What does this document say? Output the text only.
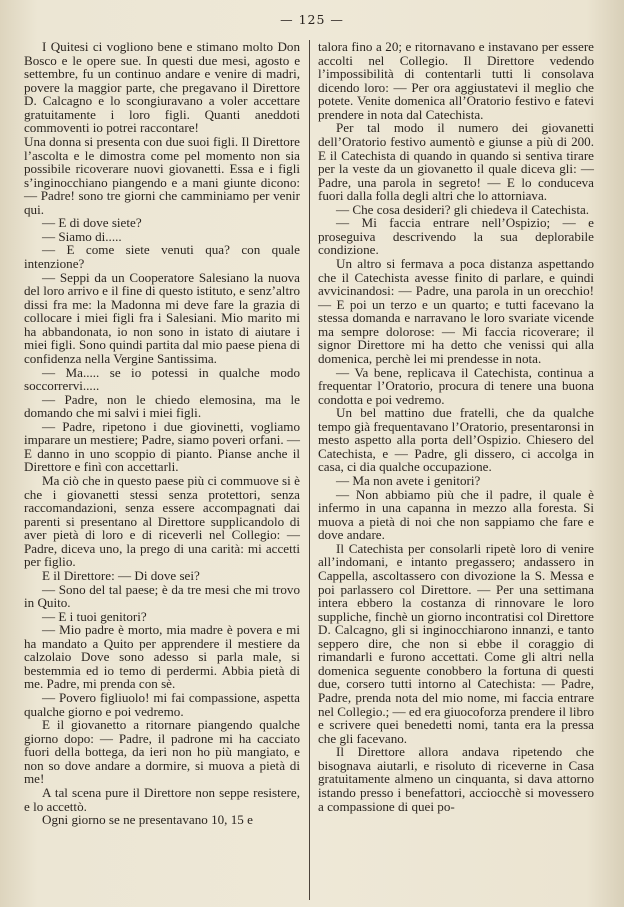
— 125 —

I Quitesi ci vogliono bene e stimano molto Don Bosco e le opere sue. In questi due mesi, agosto e settembre, fu un continuo andare e venire di madri, povere la maggior parte, che pregavano il Direttore D. Calcagno e lo scongiuravano a voler accettare gratuitamente i loro figli. Quanti aneddoti commoventi io potrei raccontare!

Una donna si presenta con due suoi figli. Il Direttore l’ascolta e le dimostra come pel momento non sia possibile ricoverare nuovi giovanetti. Essa e i figli s’inginocchiano piangendo e a mani giunte dicono: — Padre! sono tre giorni che camminiamo per venir qui.

— E di dove siete?

— Siamo di.....

— E come siete venuti qua? con quale intenzione?

— Seppi da un Cooperatore Salesiano la nuova del loro arrivo e il fine di questo istituto, e senz’altro dissi fra me: la Madonna mi deve fare la grazia di collocare i miei figli fra i Salesiani. Mio marito mi ha abbandonata, io non sono in istato di aiutare i miei figli. Sono quindi partita dal mio paese piena di confidenza nella Vergine Santissima.

— Ma..... se io potessi in qualche modo soccorrervi.....

— Padre, non le chiedo elemosina, ma le domando che mi salvi i miei figli.

— Padre, ripetono i due giovinetti, vogliamo imparare un mestiere; Padre, siamo poveri orfani. — E danno in uno scoppio di pianto. Pianse anche il Direttore e finì con accettarli.

Ma ciò che in questo paese più ci commuove si è che i giovanetti stessi senza protettori, senza raccomandazioni, senza essere accompagnati dai parenti si presentano al Direttore supplicandolo di aver pietà di loro e di riceverli nel Collegio: — Padre, diceva uno, la prego di una carità: mi accetti per figlio.

E il Direttore: — Di dove sei?

— Sono del tal paese; è da tre mesi che mi trovo in Quito.

— E i tuoi genitori?

— Mio padre è morto, mia madre è povera e mi ha mandato a Quito per apprendere il mestiere da calzolaio Dove sono adesso si parla male, si bestemmia ed io temo di perdermi. Abbia pietà di me. Padre, mi prenda con sè.

— Povero figliuolo! mi fai compassione, aspetta qualche giorno e poi vedremo.

E il giovanetto a ritornare piangendo qualche giorno dopo: — Padre, il padrone mi ha cacciato fuori della bottega, da ieri non ho più mangiato, e non so dove andare a dormire, si muova a pietà di me!

A tal scena pure il Direttore non seppe resistere, e lo accettò.

Ogni giorno se ne presentavano 10, 15 e

talora fino a 20; e ritornavano e instavano per essere accolti nel Collegio. Il Direttore vedendo l’impossibilità di contentarli tutti li consolava dicendo loro: — Per ora aggiustatevi il meglio che potete. Venite domenica all’Oratorio festivo e fatevi prendere in nota dal Catechista.

Per tal modo il numero dei giovanetti dell’Oratorio festivo aumentò e giunse a più di 200. E il Catechista di quando in quando si sentiva tirare per la veste da un giovanetto il quale diceva gli: — Padre, una parola in segreto! — E lo conduceva fuori dalla folla degli altri che lo attorniava.

— Che cosa desideri? gli chiedeva il Catechista.

— Mi faccia entrare nell’Ospizio; — e proseguiva descrivendo la sua deplorabile condizione.

Un altro si fermava a poca distanza aspettando che il Catechista avesse finito di parlare, e quindi avvicinandosi: — Padre, una parola in un orecchio! — E poi un terzo e un quarto; e tutti facevano la stessa domanda e narravano le loro svariate vicende ma sempre dolorose: — Mi faccia ricoverare; il signor Direttore mi ha detto che venissi qui alla domenica, perchè lei mi prendesse in nota.

— Va bene, replicava il Catechista, continua a frequentar l’Oratorio, procura di tenere una buona condotta e poi vedremo.

Un bel mattino due fratelli, che da qualche tempo già frequentavano l’Oratorio, presentaronsi in mesto aspetto alla porta dell’Ospizio. Chiesero del Catechista, e — Padre, gli dissero, ci accolga in casa, ci dia qualche occupazione.

— Ma non avete i genitori?

— Non abbiamo più che il padre, il quale è infermo in una capanna in mezzo alla foresta. Si muova a pietà di noi che non sappiamo che fare e dove andare.

Il Catechista per consolarli ripetè loro di venire all’indomani, e intanto pregassero; andassero in Cappella, ascoltassero con divozione la S. Messa e poi parlassero col Direttore. — Per una settimana intera ebbero la costanza di rinnovare le loro suppliche, finchè un giorno incontratisi col Direttore D. Calcagno, gli si inginocchiarono innanzi, e tanto seppero dire, che non si ebbe il coraggio di rimandarli e furono accettati. Come gli altri nella domenica seguente conobbero la fortuna di questi due, corsero tutti intorno al Catechista: — Padre, Padre, prenda nota del mio nome, mi faccia entrare nel Collegio.; — ed era giuocoforza prendere il libro e scrivere quei benedetti nomi, tanta era la pressa che gli facevano.

Il Direttore allora andava ripetendo che bisognava aiutarli, e risoluto di riceverne in Casa gratuitamente almeno un cinquanta, si dava attorno istando presso i benefattori, acciocchè si movessero a compassione di quei po-
